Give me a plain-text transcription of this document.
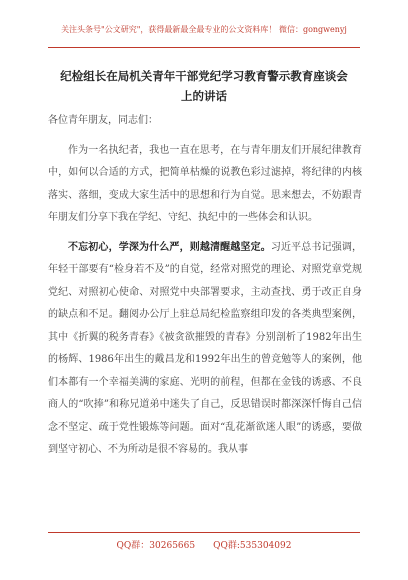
关注头条号"公文研究"，获得最新最全最专业的公文资料库！ 微信：gongwenyj
纪检组长在局机关青年干部党纪学习教育警示教育座谈会
上的讲话

各位青年朋友，同志们：

作为一名执纪者，我也一直在思考，在与青年朋友们开展纪律教育中，如何以合适的方式，把简单枯燥的说教色彩过滤掉，将纪律的内核落实、落细，变成大家生活中的思想和行为自觉。思来想去，不妨跟青年朋友们分享下我在学纪、守纪、执纪中的一些体会和认识。

不忘初心，学深为什么严，则越清醒越坚定。习近平总书记强调，年轻干部要有“检身若不及”的自觉，经常对照党的理论、对照党章党规党纪、对照初心使命、对照党中央部署要求，主动查找、勇于改正自身的缺点和不足。翻阅办公厅上驻总局纪检监察组印发的各类典型案例，其中《折翼的税务青春》《被贪欲摧毁的青春》分别剖析了1982年出生的杨辉、1986年出生的戴昌龙和1992年出生的曾竞勉等人的案例，他们本都有一个幸福美满的家庭、光明的前程，但都在金钱的诱惑、不良商人的“吹捧”和称兄道弟中迷失了自己，反思错误时都深深忏悔自己信念不坚定、疏于党性锻炼等问题。面对“乱花渐欲迷人眼”的诱惑，要做到坚守初心、不为所动是很不容易的。我从事

QQ群：30265665 QQ群:535304092
